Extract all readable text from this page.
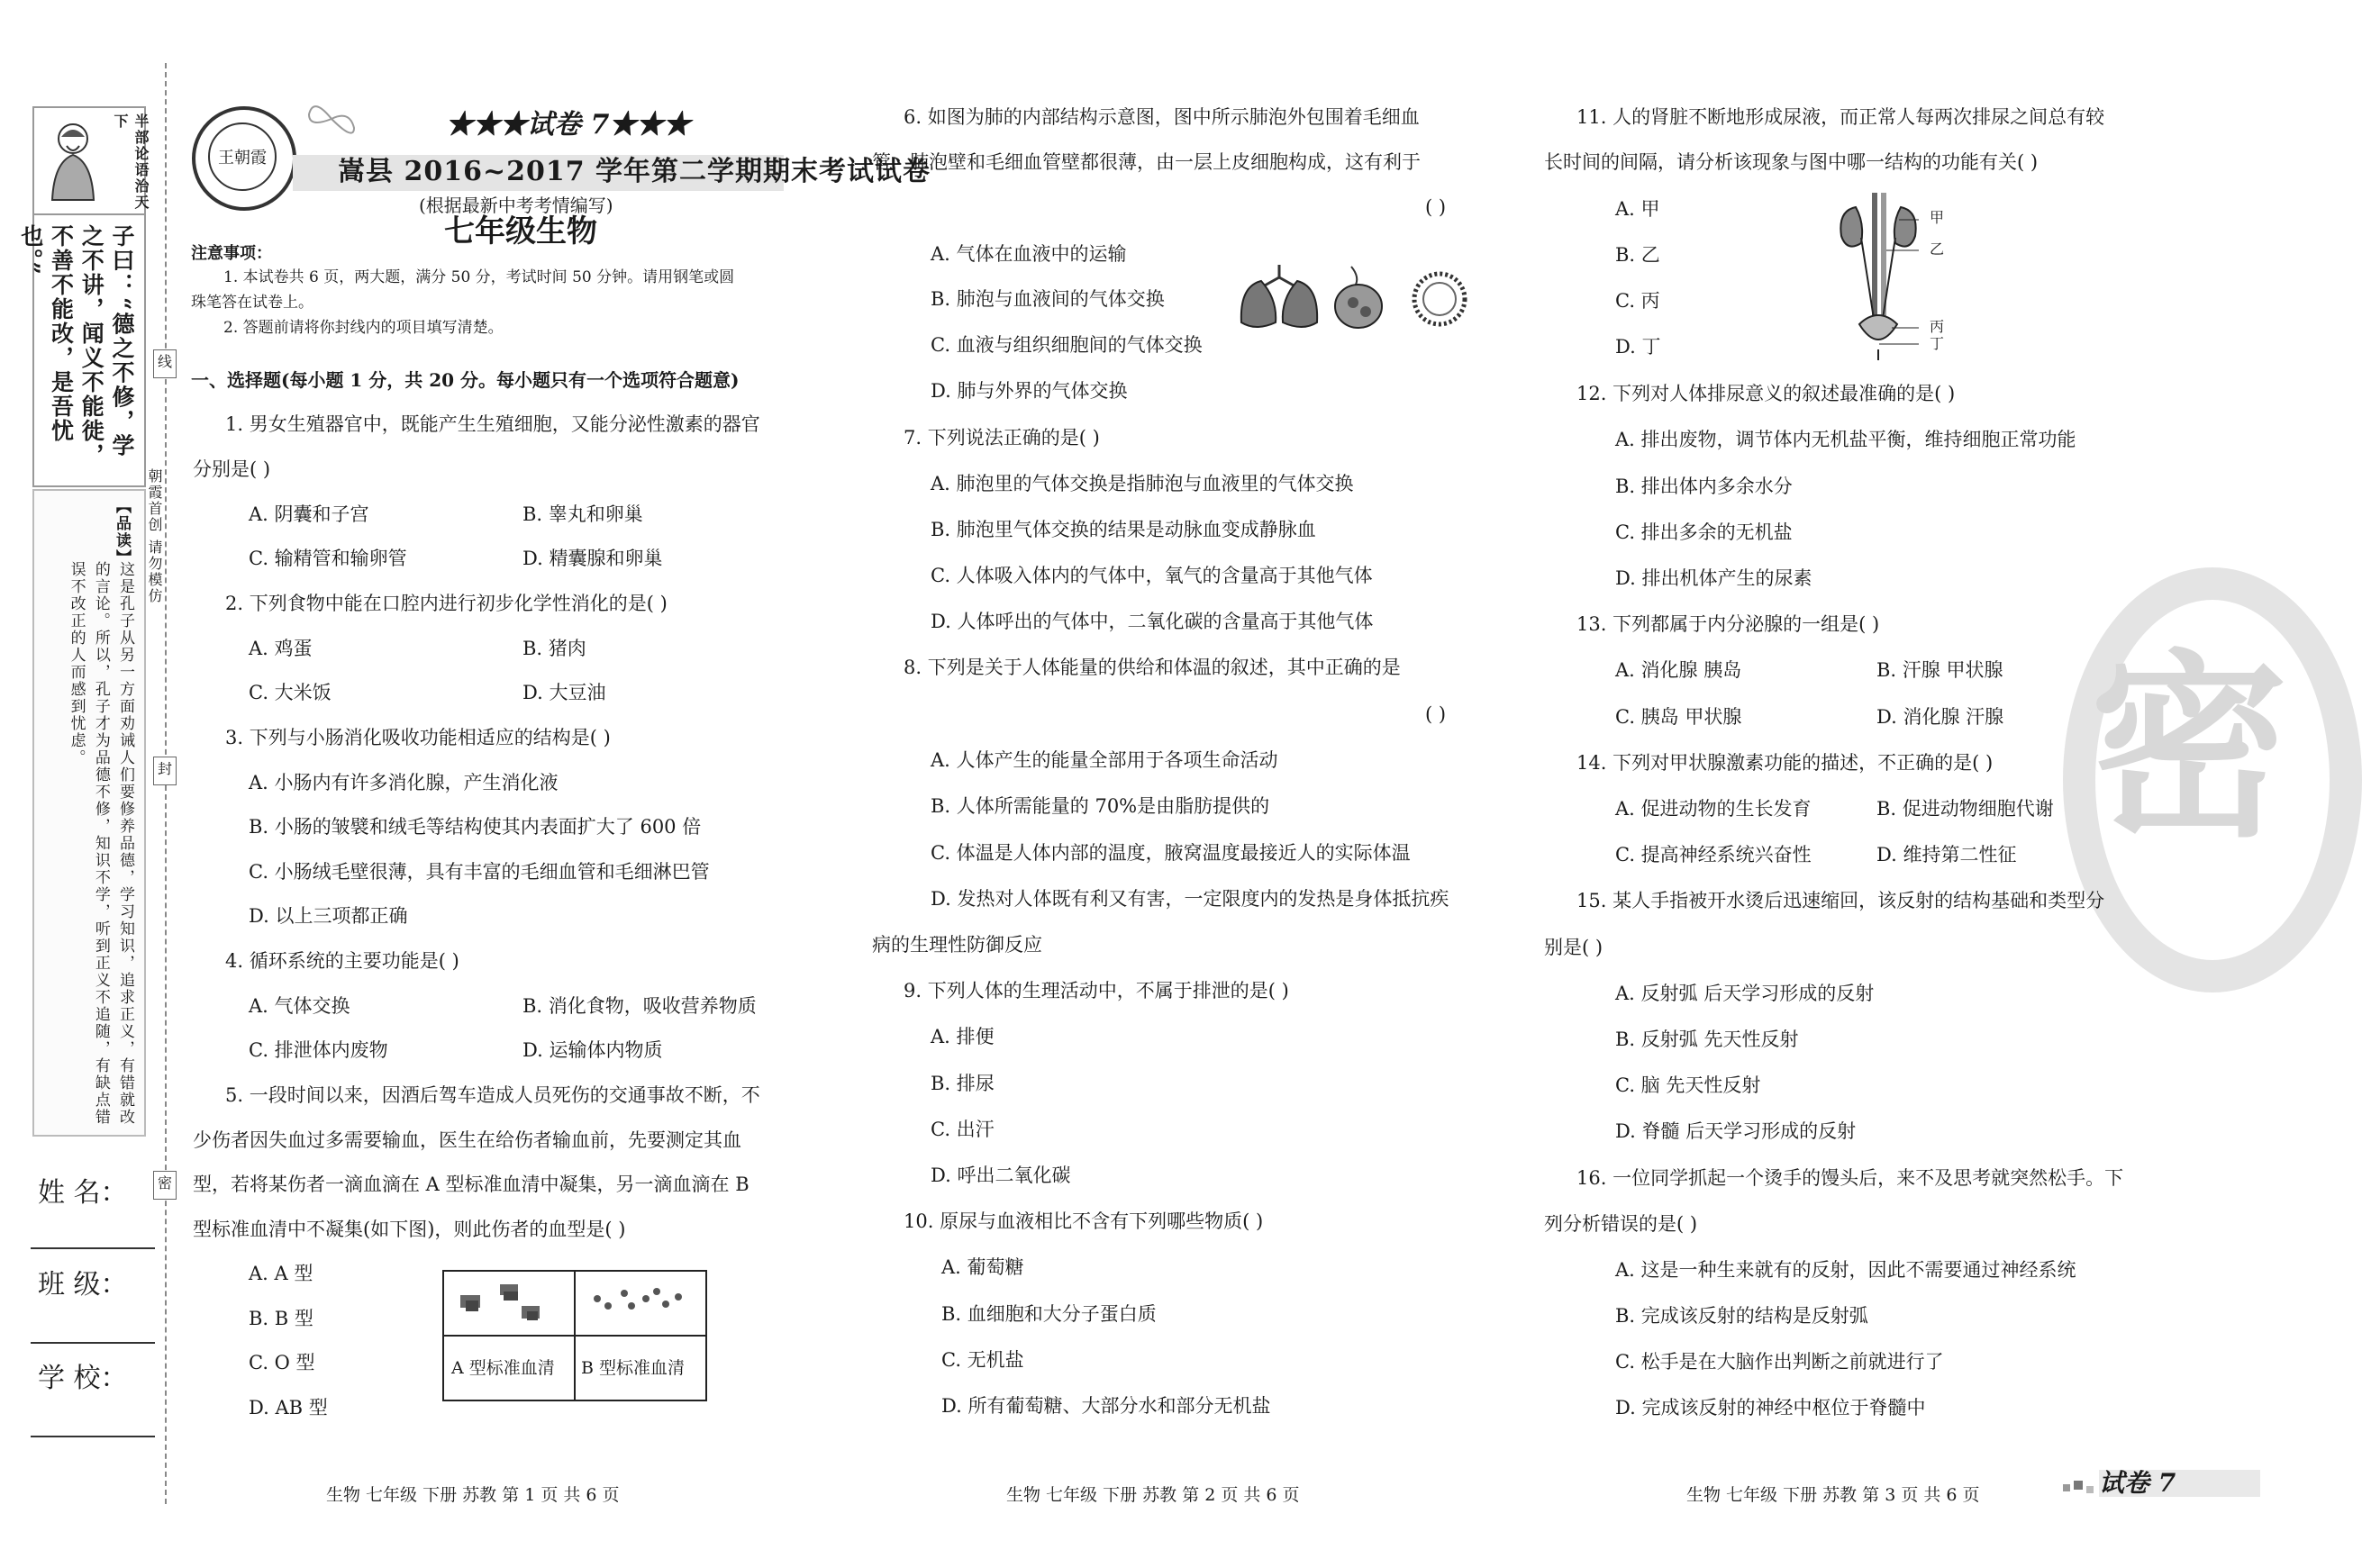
半部论语治天下
子曰：“德之不修，学之不讲，闻义不能徙，不善不能改，是吾忧也。”
【品读】
这是孔子从另一方面劝诫人们要修养品德，学习知识，追求正义，有错就改的言论。所以，孔子才为品德不修，知识不学，听到正义不追随，有缺点错误不改正的人而感到忧虑。
线
封
密
朝霞首创 请勿模仿
姓 名：
班 级：
学 校：
王朝霞
★★★试卷 7★★★
嵩县 2016~2017 学年第二学期期末考试试卷
(根据最新中考考情编写)
七年级生物
注意事项：
1. 本试卷共 6 页，两大题，满分 50 分，考试时间 50 分钟。请用钢笔或圆
珠笔答在试卷上。
2. 答题前请将你封线内的项目填写清楚。
一、选择题(每小题 1 分，共 20 分。每小题只有一个选项符合题意)
1. 男女生殖器官中，既能产生生殖细胞，又能分泌性激素的器官
分别是( )
A. 阴囊和子宫	B. 睾丸和卵巢
C. 输精管和输卵管	D. 精囊腺和卵巢
2. 下列食物中能在口腔内进行初步化学性消化的是( )
A. 鸡蛋	B. 猪肉
C. 大米饭	D. 大豆油
3. 下列与小肠消化吸收功能相适应的结构是( )
A. 小肠内有许多消化腺，产生消化液
B. 小肠的皱襞和绒毛等结构使其内表面扩大了 600 倍
C. 小肠绒毛壁很薄，具有丰富的毛细血管和毛细淋巴管
D. 以上三项都正确
4. 循环系统的主要功能是( )
A. 气体交换	B. 消化食物，吸收营养物质
C. 排泄体内废物	D. 运输体内物质
5. 一段时间以来，因酒后驾车造成人员死伤的交通事故不断，不
少伤者因失血过多需要输血，医生在给伤者输血前，先要测定其血
型，若将某伤者一滴血滴在 A 型标准血清中凝集，另一滴血滴在 B
型标准血清中不凝集(如下图)，则此伤者的血型是( )
A. A 型
B. B 型
C. O 型
D. AB 型
A 型标准血清 B 型标准血清
生物 七年级 下册 苏教 第 1 页 共 6 页
6. 如图为肺的内部结构示意图，图中所示肺泡外包围着毛细血
管，肺泡壁和毛细血管壁都很薄，由一层上皮细胞构成，这有利于
( )
A. 气体在血液中的运输
B. 肺泡与血液间的气体交换
C. 血液与组织细胞间的气体交换
D. 肺与外界的气体交换
7. 下列说法正确的是( )
A. 肺泡里的气体交换是指肺泡与血液里的气体交换
B. 肺泡里气体交换的结果是动脉血变成静脉血
C. 人体吸入体内的气体中，氧气的含量高于其他气体
D. 人体呼出的气体中，二氧化碳的含量高于其他气体
8. 下列是关于人体能量的供给和体温的叙述，其中正确的是
( )
A. 人体产生的能量全部用于各项生命活动
B. 人体所需能量的 70%是由脂肪提供的
C. 体温是人体内部的温度，腋窝温度最接近人的实际体温
D. 发热对人体既有利又有害，一定限度内的发热是身体抵抗疾
病的生理性防御反应
9. 下列人体的生理活动中，不属于排泄的是( )
A. 排便
B. 排尿
C. 出汗
D. 呼出二氧化碳
10. 原尿与血液相比不含有下列哪些物质( )
A. 葡萄糖
B. 血细胞和大分子蛋白质
C. 无机盐
D. 所有葡萄糖、大部分水和部分无机盐
生物 七年级 下册 苏教 第 2 页 共 6 页
11. 人的肾脏不断地形成尿液，而正常人每两次排尿之间总有较
长时间的间隔，请分析该现象与图中哪一结构的功能有关( )
A. 甲
B. 乙
C. 丙
D. 丁
甲
乙
丙
丁
12. 下列对人体排尿意义的叙述最准确的是( )
A. 排出废物，调节体内无机盐平衡，维持细胞正常功能
B. 排出体内多余水分
C. 排出多余的无机盐
D. 排出机体产生的尿素
13. 下列都属于内分泌腺的一组是( )
A. 消化腺 胰岛	B. 汗腺 甲状腺
C. 胰岛 甲状腺	D. 消化腺 汗腺 密
14. 下列对甲状腺激素功能的描述，不正确的是( )
A. 促进动物的生长发育	B. 促进动物细胞代谢
C. 提高神经系统兴奋性	D. 维持第二性征
15. 某人手指被开水烫后迅速缩回，该反射的结构基础和类型分
别是( )
A. 反射弧 后天学习形成的反射
B. 反射弧 先天性反射
C. 脑 先天性反射
D. 脊髓 后天学习形成的反射
16. 一位同学抓起一个烫手的馒头后，来不及思考就突然松手。下
列分析错误的是( )
A. 这是一种生来就有的反射，因此不需要通过神经系统
B. 完成该反射的结构是反射弧
C. 松手是在大脑作出判断之前就进行了
D. 完成该反射的神经中枢位于脊髓中
生物 七年级 下册 苏教 第 3 页 共 6 页	试卷 7
